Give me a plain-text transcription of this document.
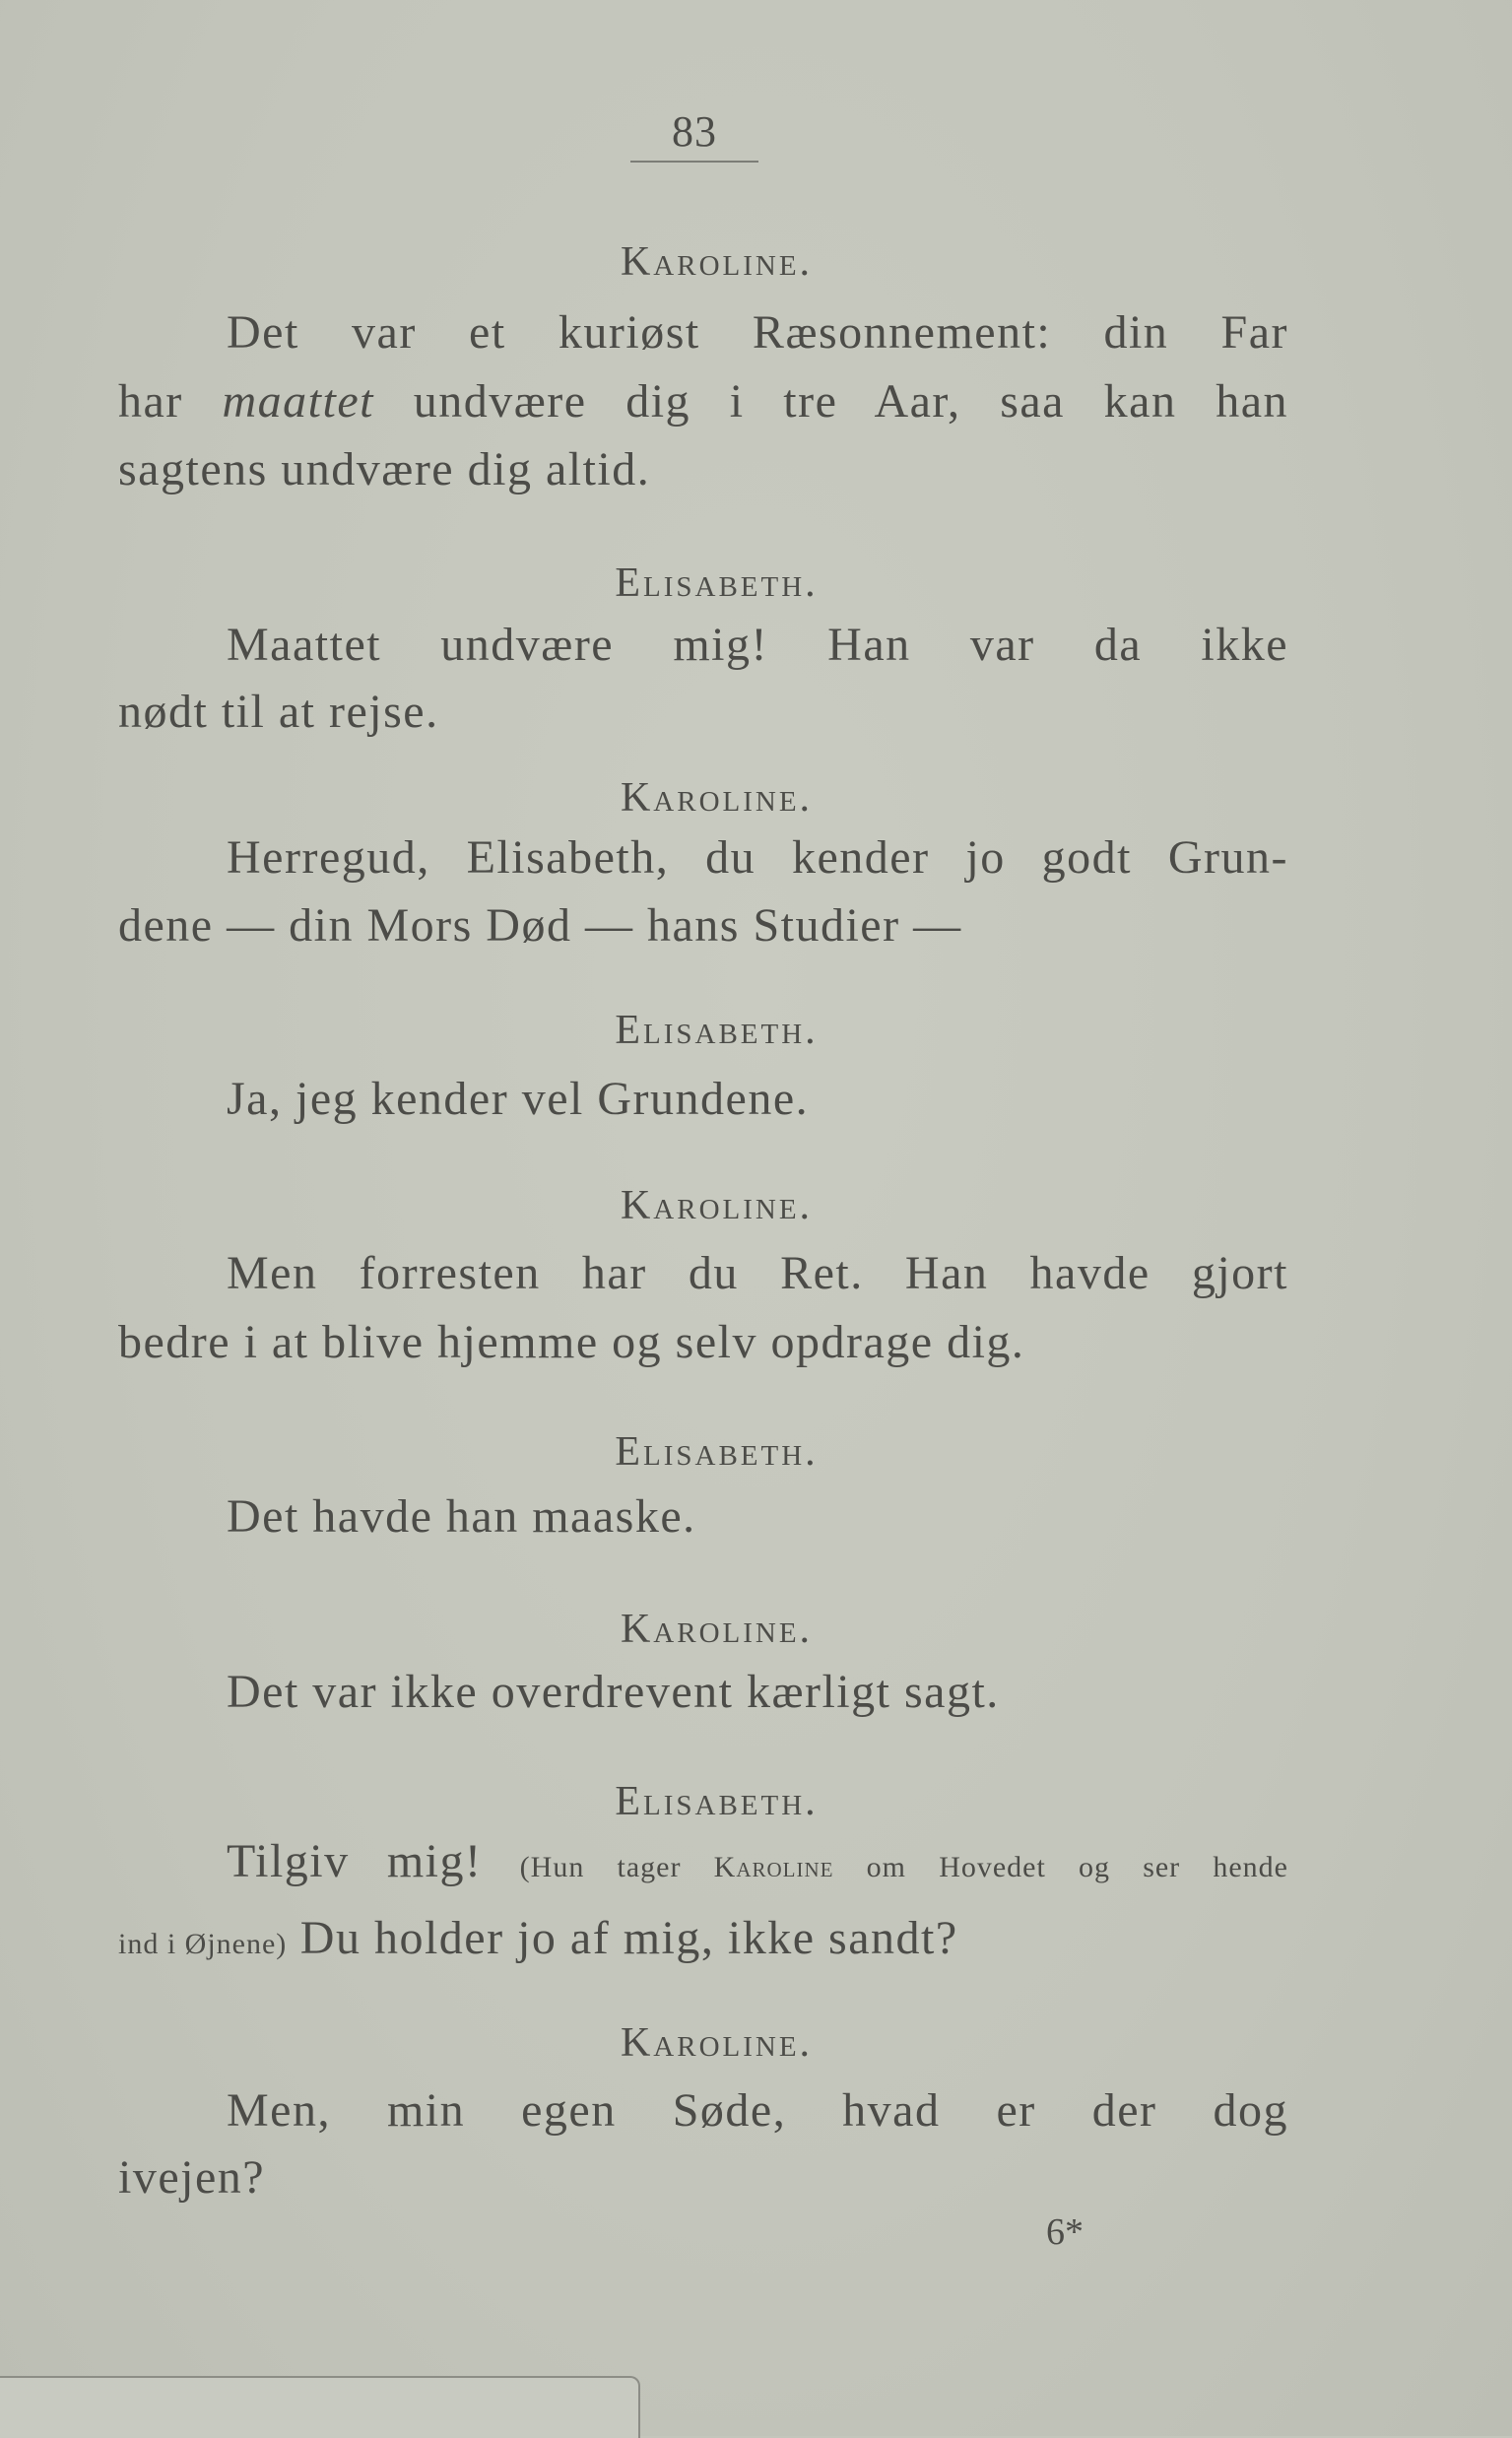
83
Karoline.
Det var et kuriøst Ræsonnement: din Far
har maattet undvære dig i tre Aar, saa kan han
sagtens undvære dig altid.
Elisabeth.
Maattet undvære mig! Han var da ikke
nødt til at rejse.
Karoline.
Herregud, Elisabeth, du kender jo godt Grun-
dene — din Mors Død — hans Studier —
Elisabeth.
Ja, jeg kender vel Grundene.
Karoline.
Men forresten har du Ret. Han havde gjort
bedre i at blive hjemme og selv opdrage dig.
Elisabeth.
Det havde han maaske.
Karoline.
Det var ikke overdrevent kærligt sagt.
Elisabeth.
Tilgiv mig! (Hun tager Karoline om Hovedet og ser hende
ind i Øjnene) Du holder jo af mig, ikke sandt?
Karoline.
Men, min egen Søde, hvad er der dog
ivejen?
6*
